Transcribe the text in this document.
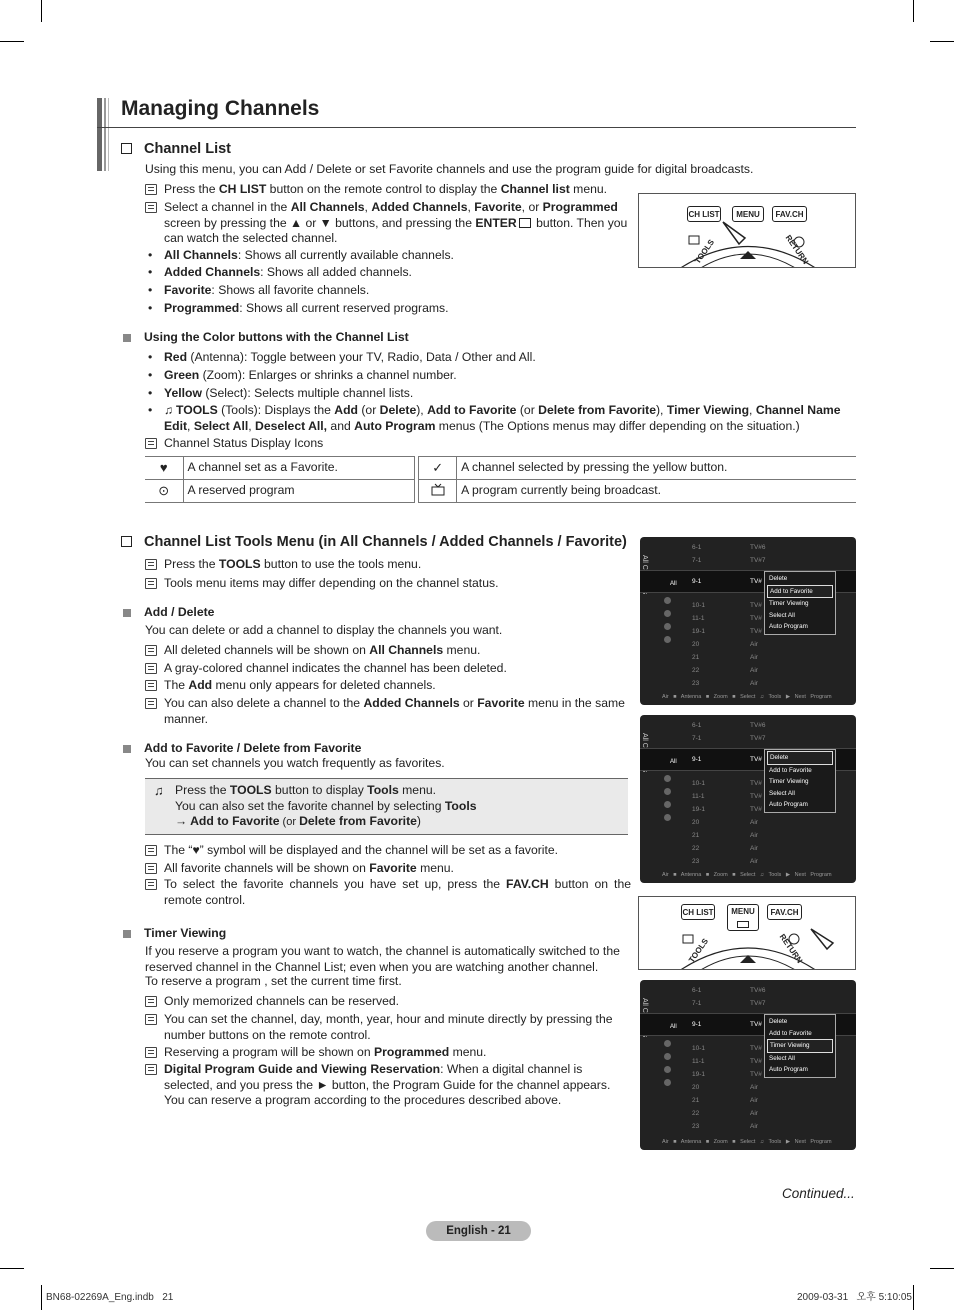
Managing Channels
Channel List
Using this menu, you can Add / Delete or set Favorite channels and use the program guide for digital broadcasts.
Press the CH LIST button on the remote control to display the Channel list menu.
Select a channel in the All Channels, Added Channels, Favorite, or Programmed screen by pressing the ▲ or ▼ buttons, and pressing the ENTER button. Then you can watch the selected channel.
• All Channels: Shows all currently available channels.
• Added Channels: Shows all added channels.
• Favorite: Shows all favorite channels.
• Programmed: Shows all current reserved programs.
CH LIST	MENU	FAV.CH
TOOLS	RETURN
Using the Color buttons with the Channel List
• Red (Antenna): Toggle between your TV, Radio, Data / Other and All.
• Green (Zoom): Enlarges or shrinks a channel number.
• Yellow (Select): Selects multiple channel lists.
• ♫ TOOLS (Tools): Displays the Add (or Delete), Add to Favorite (or Delete from Favorite), Timer Viewing, Channel Name Edit, Select All, Deselect All, and Auto Program menus (The Options menus may differ depending on the situation.)
Channel Status Display Icons
♥	A channel set as a Favorite.		✓	A channel selected by pressing the yellow button.
⊙	A reserved program			A program currently being broadcast.
Channel List Tools Menu (in All Channels / Added Channels / Favorite)
Press the TOOLS button to use the tools menu.
Tools menu items may differ depending on the channel status.
Add / Delete
You can delete or add a channel to display the channels you want.
All deleted channels will be shown on All Channels menu.
A gray-colored channel indicates the channel has been deleted.
The Add menu only appears for deleted channels.
You can also delete a channel to the Added Channels or Favorite menu in the same manner.
Add to Favorite / Delete from Favorite
You can set channels you watch frequently as favorites.
♫ Press the TOOLS button to display Tools menu.
You can also set the favorite channel by selecting Tools
→ Add to Favorite (or Delete from Favorite)
The “♥” symbol will be displayed and the channel will be set as a favorite.
All favorite channels will be shown on Favorite menu.
To select the favorite channels you have set up, press the FAV.CH button on the remote control.
Timer Viewing
If you reserve a program you want to watch, the channel is automatically switched to the reserved channel in the Channel List; even when you are watching another channel.
To reserve a program , set the current time first.
Only memorized channels can be reserved.
You can set the channel, day, month, year, hour and minute directly by pressing the number buttons on the remote control.
Reserving a program will be shown on Programmed menu.
Digital Program Guide and Viewing Reservation: When a digital channel is selected, and you press the ► button, the Program Guide for the channel appears. You can reserve a program according to the procedures described above.
All
6-1	TV#6
7-1	TV#7
9-1	TV#
10-1	TV#
11-1	TV#
19-1	TV#
20	Air
21	Air
22	Air
23	Air
Delete
Add to Favorite
Timer Viewing
Select All
Auto Program
Air ■ Antenna ■ Zoom ■ Select ♫ Tools ▶ Next Program
All
6-1	TV#6
7-1	TV#7
9-1	TV#
10-1	TV#
11-1	TV#
19-1	TV#
20	Air
21	Air
22	Air
23	Air
Delete
Add to Favorite
Timer Viewing
Select All
Auto Program
Air ■ Antenna ■ Zoom ■ Select ♫ Tools ▶ Next Program
All
6-1	TV#6
7-1	TV#7
9-1	TV#
10-1	TV#
11-1	TV#
19-1	TV#
20	Air
21	Air
22	Air
23	Air
Delete
Add to Favorite
Timer Viewing
Select All
Auto Program
Air ■ Antenna ■ Zoom ■ Select ♫ Tools ▶ Next Program
CH LIST	MENU	FAV.CH
TOOLS	RETURN
Continued...
English - 21
BN68-02269A_Eng.indb   21	2009-03-31   오후 5:10:05
